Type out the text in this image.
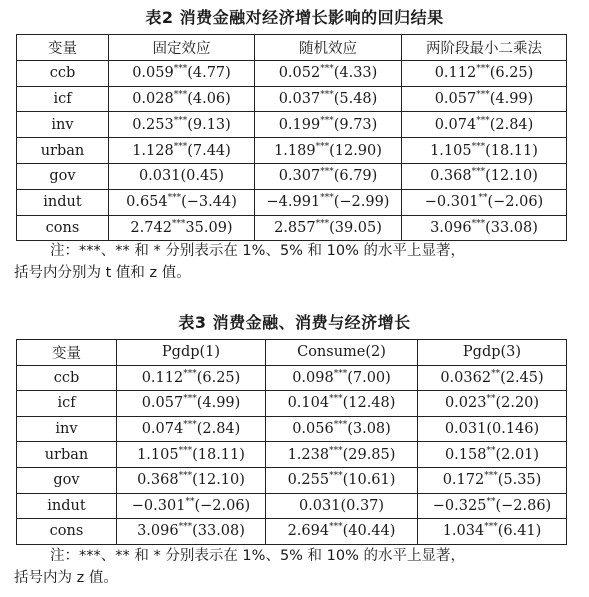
表2 消费金融对经济增长影响的回归结果
变量	固定效应	随机效应	两阶段最小二乘法
ccb	0.059***(4.77)	0.052***(4.33)	0.112***(6.25)
icf	0.028***(4.06)	0.037***(5.48)	0.057***(4.99)
inv	0.253***(9.13)	0.199***(9.73)	0.074***(2.84)
urban	1.128***(7.44)	1.189***(12.90)	1.105***(18.11)
gov	0.031(0.45)	0.307***(6.79)	0.368***(12.10)
indut	0.654***(−3.44)	−4.991***(−2.99)	−0.301**(−2.06)
cons	2.742***35.09)	2.857***(39.05)	3.096***(33.08)
注：***、** 和 * 分别表示在 1%、5% 和 10% 的水平上显著，
括号内分别为 t 值和 z 值。
表3 消费金融、消费与经济增长
变量	Pgdp(1)	Consume(2)	Pgdp(3)
ccb	0.112***(6.25)	0.098***(7.00)	0.0362**(2.45)
icf	0.057***(4.99)	0.104***(12.48)	0.023**(2.20)
inv	0.074***(2.84)	0.056***(3.08)	0.031(0.146)
urban	1.105***(18.11)	1.238***(29.85)	0.158**(2.01)
gov	0.368***(12.10)	0.255***(10.61)	0.172***(5.35)
indut	−0.301**(−2.06)	0.031(0.37)	−0.325**(−2.86)
cons	3.096***(33.08)	2.694***(40.44)	1.034***(6.41)
注：***、** 和 * 分别表示在 1%、5% 和 10% 的水平上显著，
括号内为 z 值。
